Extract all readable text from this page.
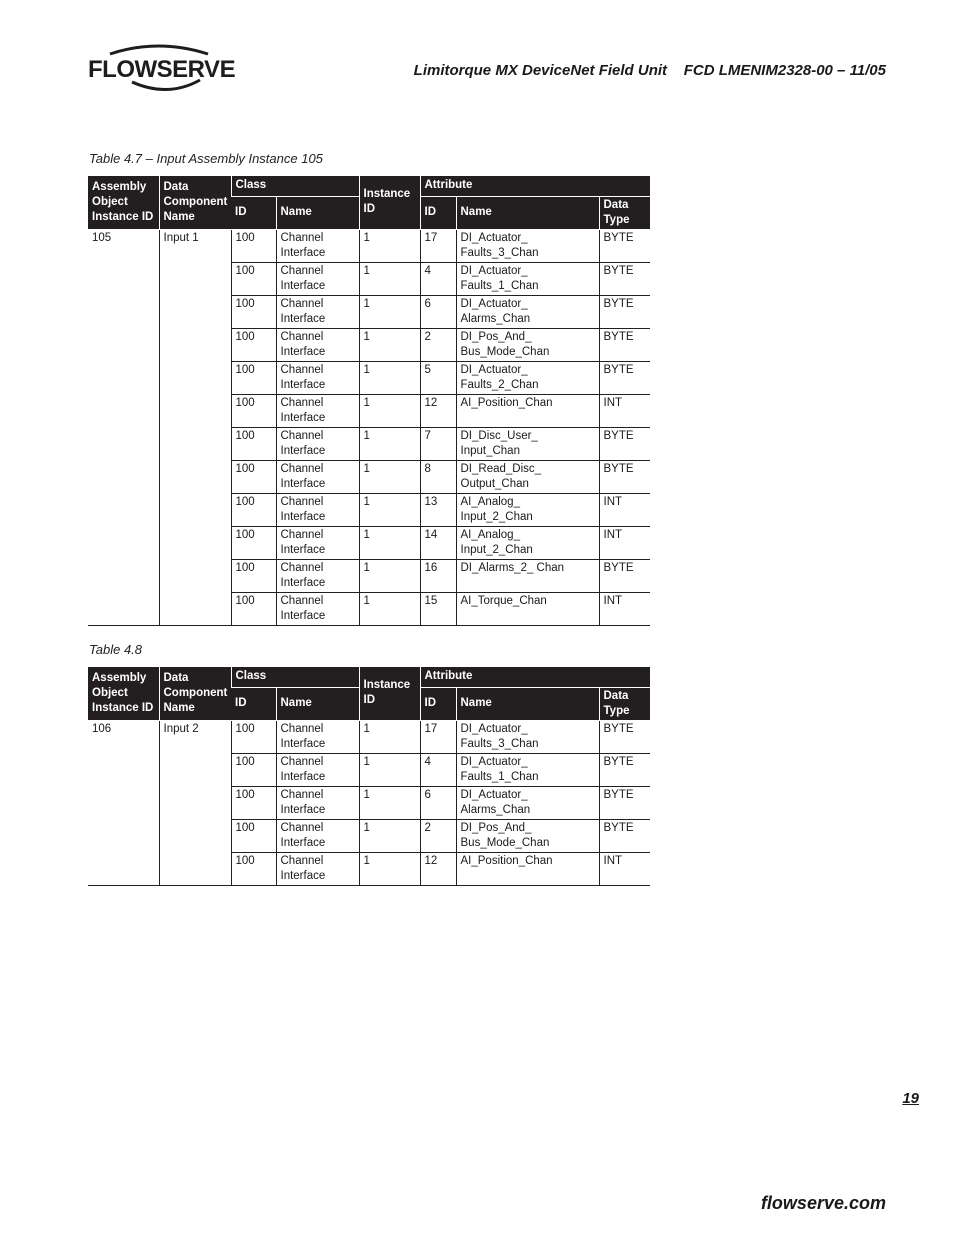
FLOWSERVE	Limitorque MX DeviceNet Field Unit    FCD LMENIM2328-00 – 11/05
Table 4.7 – Input Assembly Instance 105
Assembly Object Instance ID	Data Component Name	Class		Instance ID	Attribute		
		ID	Name		ID	Name	Data Type
105	Input 1	100	Channel Interface	1	17	DI_Actuator_ Faults_3_Chan	BYTE
		100	Channel Interface	1	4	DI_Actuator_ Faults_1_Chan	BYTE
		100	Channel Interface	1	6	DI_Actuator_ Alarms_Chan	BYTE
		100	Channel Interface	1	2	DI_Pos_And_ Bus_Mode_Chan	BYTE
		100	Channel Interface	1	5	DI_Actuator_ Faults_2_Chan	BYTE
		100	Channel Interface	1	12	AI_Position_Chan	INT
		100	Channel Interface	1	7	DI_Disc_User_ Input_Chan	BYTE
		100	Channel Interface	1	8	DI_Read_Disc_ Output_Chan	BYTE
		100	Channel Interface	1	13	AI_Analog_ Input_2_Chan	INT
		100	Channel Interface	1	14	AI_Analog_ Input_2_Chan	INT
		100	Channel Interface	1	16	DI_Alarms_2_ Chan	BYTE
		100	Channel Interface	1	15	AI_Torque_Chan	INT
Table 4.8
Assembly Object Instance ID	Data Component Name	Class		Instance ID	Attribute		
		ID	Name		ID	Name	Data Type
106	Input 2	100	Channel Interface	1	17	DI_Actuator_ Faults_3_Chan	BYTE
		100	Channel Interface	1	4	DI_Actuator_ Faults_1_Chan	BYTE
		100	Channel Interface	1	6	DI_Actuator_ Alarms_Chan	BYTE
		100	Channel Interface	1	2	DI_Pos_And_ Bus_Mode_Chan	BYTE
		100	Channel Interface	1	12	AI_Position_Chan	INT
19
flowserve.com
